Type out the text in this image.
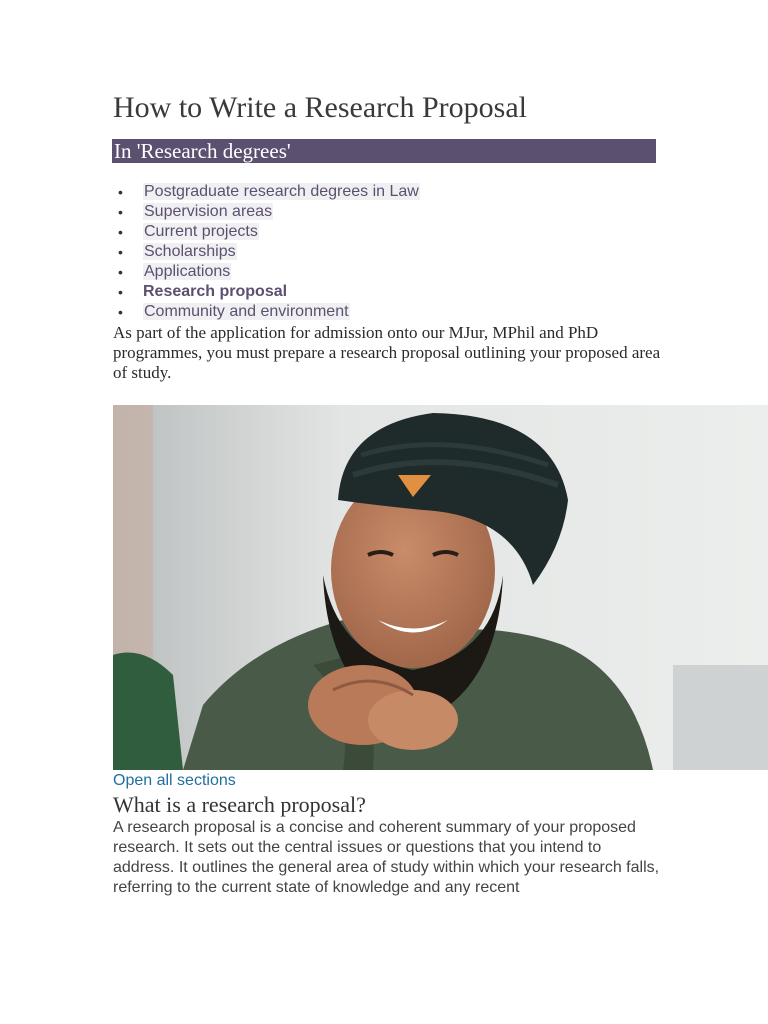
How to Write a Research Proposal
In 'Research degrees'
• Postgraduate research degrees in Law
• Supervision areas
• Current projects
• Scholarships
• Applications
• Research proposal
• Community and environment

As part of the application for admission onto our MJur, MPhil and PhD programmes, you must prepare a research proposal outlining your proposed area of study.

Open all sections
What is a research proposal?

A research proposal is a concise and coherent summary of your proposed research. It sets out the central issues or questions that you intend to address. It outlines the general area of study within which your research falls, referring to the current state of knowledge and any recent
